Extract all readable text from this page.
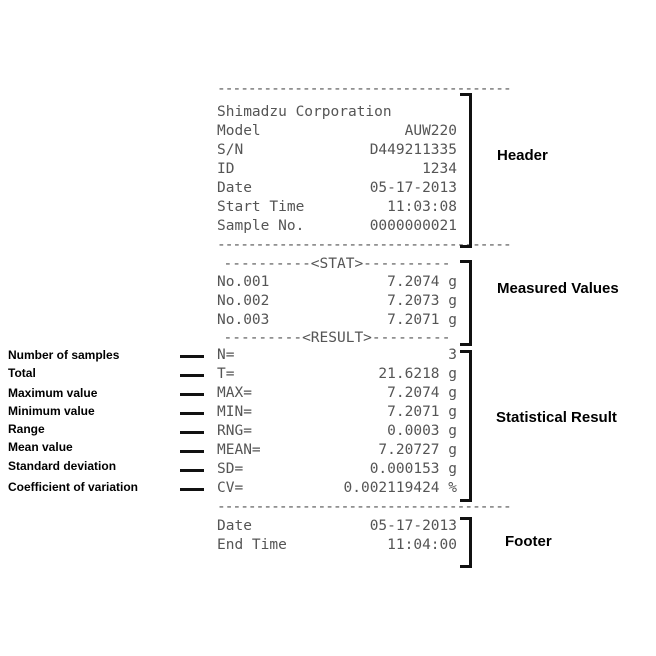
--------------------------------------
Shimadzu Corporation
Model	AUW220
S/N	D449211335
ID	1234
Date	05-17-2013
Start Time	11:03:08
Sample No.	0000000021
--------------------------------------
----------<STAT>----------
No.001	7.2074 g
No.002	7.2073 g
No.003	7.2071 g
---------<RESULT>---------
N=	3
T=	21.6218 g
MAX=	7.2074 g
MIN=	7.2071 g
RNG=	0.0003 g
MEAN=	7.20727 g
SD=	0.000153 g
CV=	0.002119424 %
--------------------------------------
Date	05-17-2013
End Time	11:04:00
Header
Measured Values
Statistical Result
Footer
Number of samples
Total
Maximum value
Minimum value
Range
Mean value
Standard deviation
Coefficient of variation
